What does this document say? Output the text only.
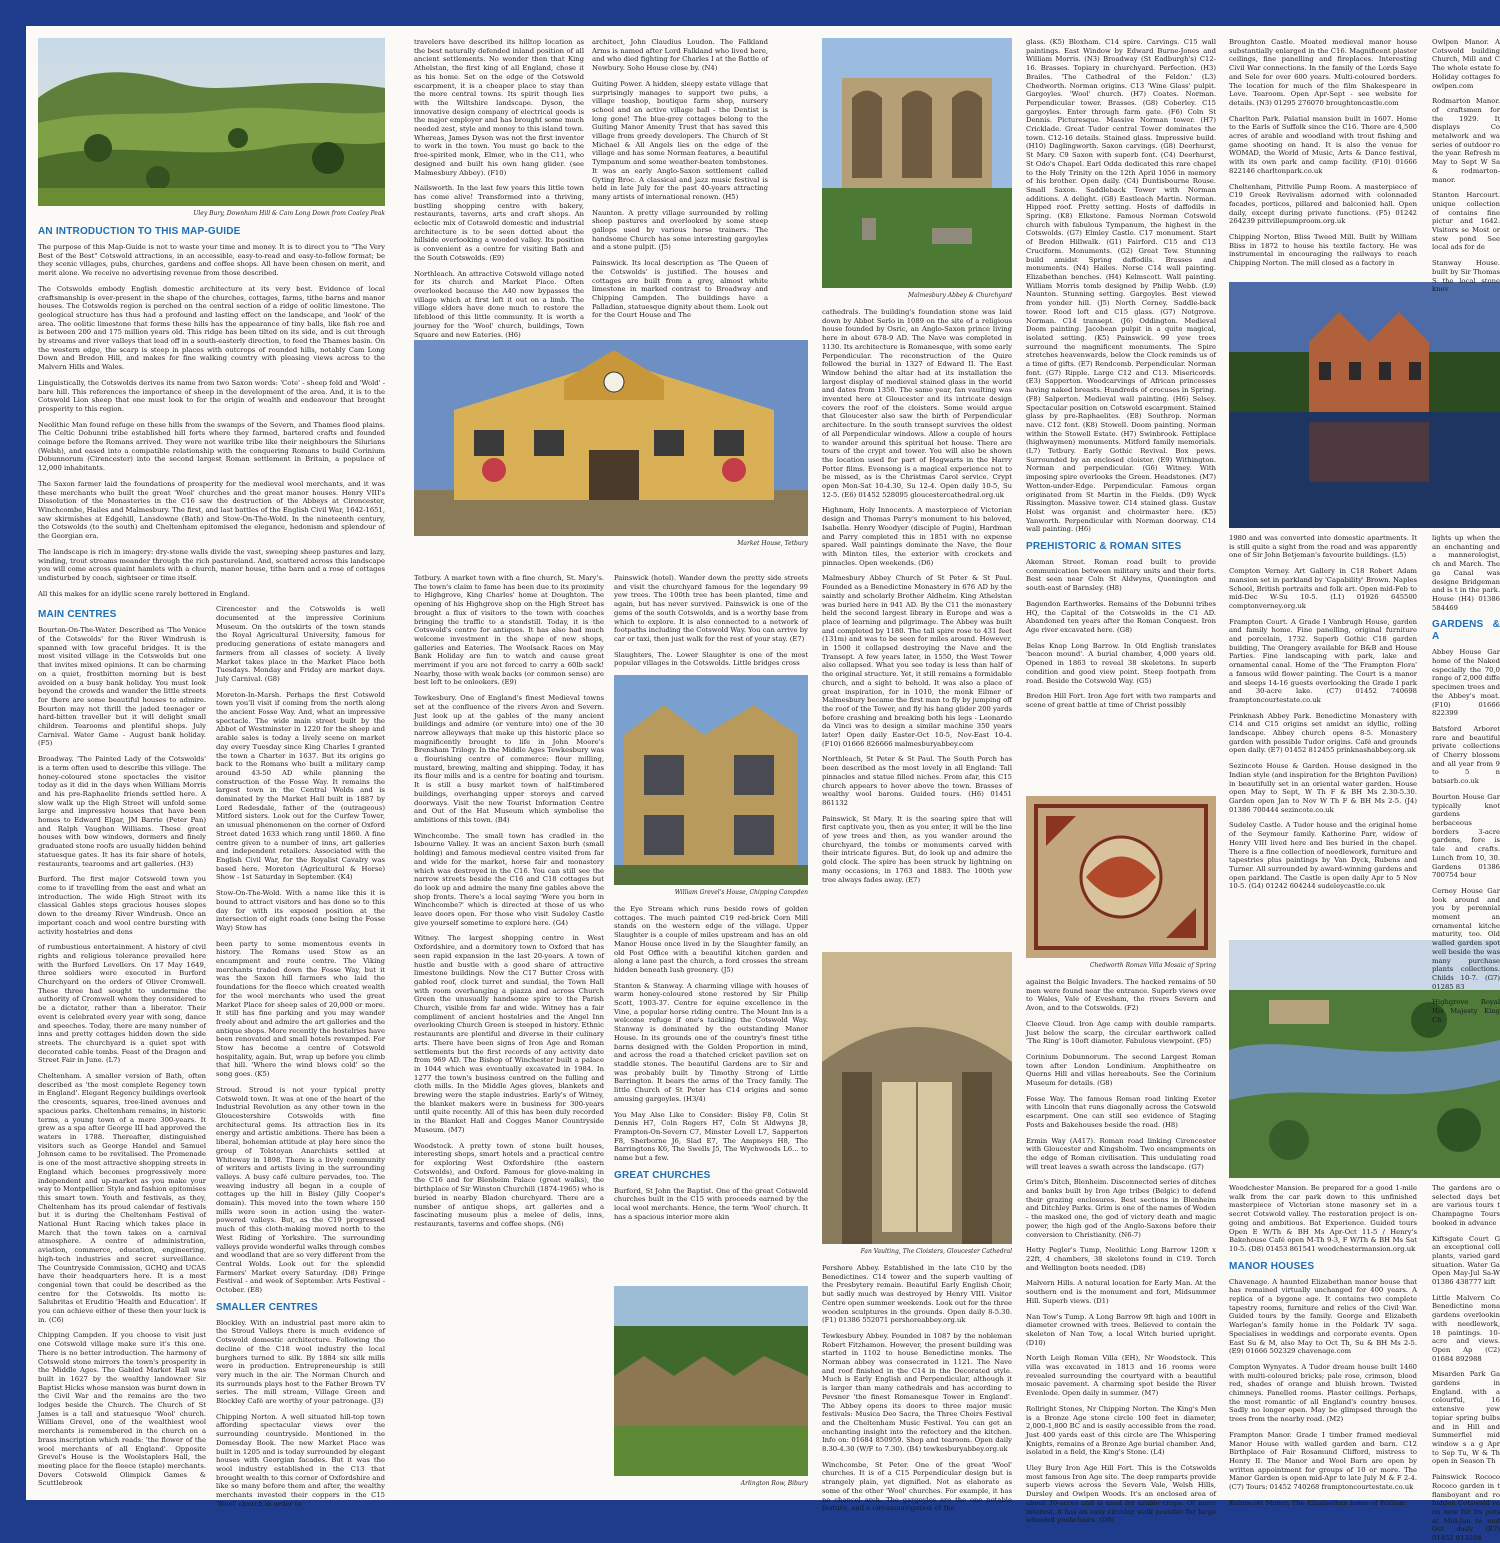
Uley Bury, Downham Hill & Cam Long Down from Coaley Peak
AN INTRODUCTION TO THIS MAP-GUIDE

The purpose of this Map-Guide is not to waste your time and money. It is to direct you to "The Very Best of the Best" Cotswold attractions, in an accessible, easy-to-read and easy-to-follow format; be they scenic villages, pubs, churches, gardens and coffee shops. All have been chosen on merit, and merit alone. We receive no advertising revenue from those described.

The Cotswolds embody English domestic architecture at its very best. Evidence of local craftsmanship is ever-present in the shape of the churches, cottages, farms, tithe barns and manor houses. The Cotswolds region is perched on the central section of a ridge of oolitic limestone. The geological structure has thus had a profound and lasting effect on the landscape, and 'look' of the area. The oolitic limestone that forms these hills has the appearance of tiny balls, like fish roe and is between 200 and 175 million years old. This ridge has been tilted on its side, and is cut through by streams and river valleys that lead off in a south-easterly direction, to feed the Thames basin. On the western edge, the scarp is steep in places with outcrops of rounded hills, notably Cam Long Down and Bredon Hill, and makes for fine walking country with pleasing views across to the Malvern Hills and Wales.

Linguistically, the Cotswolds derives its name from two Saxon words: 'Cote' - sheep fold and 'Wold' - bare hill. This references the importance of sheep in the development of the area. And, it is to the Cotswold Lion sheep that one must look to for the origin of wealth and endeavour that brought prosperity to this region.

Neolithic Man found refuge on these hills from the swamps of the Severn, and Thames flood plains. The Celtic Dobunni tribe established hill forts where they farmed, bartered crafts and founded coinage before the Romans arrived. They were not warlike tribe like their neighbours the Silurians (Welsh), and eased into a compatible relationship with the conquering Romans to build Corinium Dobunnorum (Cirencester) into the second largest Roman settlement in Britain, a populace of 12,000 inhabitants.

The Saxon farmer laid the foundations of prosperity for the medieval wool merchants, and it was these merchants who built the great 'Wool' churches and the great manor houses. Henry VIII's Dissolution of the Monasteries in the C16 saw the destruction of the Abbeys at Cirencester, Winchcombe, Hailes and Malmesbury. The first, and last battles of the English Civil War, 1642-1651, saw skirmishes at Edgehill, Lansdowne (Bath) and Stow-On-The-Wold. In the nineteenth century, the Cotswolds (to the south) and Cheltenham epitomised the elegance, hedonism and splendour of the Georgian era.

The landscape is rich in imagery: dry-stone walls divide the vast, sweeping sheep pastures and lazy, winding, trout streams meander through the rich pastureland. And, scattered across this landscape you will come across quaint hamlets with a church, manor house, tithe barn and a rose of cottages undisturbed by coach, sightseer or time itself.

All this makes for an idyllic scene rarely bettered in England.

MAIN CENTRES

Bourton-On-The-Water. Described as 'The Venice of the Cotswolds' for the River Windrush is spanned with low graceful bridges. It is the most visited village in the Cotswolds but one that invites mixed opinions. It can be charming on a quiet, frostbitten morning but is best avoided on a busy bank holiday. You must look beyond the crowds and wander the little streets for there are some beautiful houses to admire. Bourton may not thrill the jaded teenager or hard-bitten traveller but it will delight small children. Tearooms and plentiful shops. July Carnival. Water Game - August bank holiday. (F5)

Broadway. 'The Painted Lady of the Cotswolds' is a term often used to describe this village. The honey-coloured stone spectacles the visitor today as it did in the days when William Morris and his pre-Raphaelite friends settled here. A slow walk up the High Street will unfold some large and impressive houses that have been homes to Edward Elgar, JM Barrie (Peter Pan) and Ralph Vaughan Williams. These great houses with bow windows, dormers and finely graduated stone roofs are usually hidden behind statuesque gates. It has its fair share of hotels, restaurants, tearooms and art galleries. (H3)

Burford. The first major Cotswold town you come to if travelling from the east and what an introduction. The wide High Street with its classical Gables steps gracious houses slopes down to the dreamy River Windrush. Once an important coach and wool centre bursting with activity hostelries and dens

of rumbustious entertainment. A history of civil rights and religious tolerance prevailed here with the Burford Levellers. On 17 May 1649, three soldiers were executed in Burford Churchyard on the orders of Oliver Cromwell. These three had sought to undermine the authority of Cromwell whom they considered to be a dictator, rather than a liberator. Their event is celebrated every year with song, dance and speeches. Today, there are many number of inns and pretty cottages hidden down the side streets. The churchyard is a quiet spot with decorated cable tombs. Feast of the Dragon and Street Fair in June. (L7)

Cheltenham. A smaller version of Bath, often described as 'the most complete Regency town in England'. Elegant Regency buildings overlook the crescents, squares, tree-lined avenues and spacious parks. Cheltenham remains, in historic terms, a young town of a mere 300-years. It grew as a spa after George III had approved the waters in 1788. Thereafter, distinguished visitors such as George Handel and Samuel Johnson came to be revitalised. The Promenade is one of the most attractive shopping streets in England which becomes progressively more independent and up-market as you make your way to Montpellier. Style and fashion epitomises this smart town. Youth and festivals, as they, Cheltenham has its proud calendar of festivals but it is during the Cheltenham Festival of National Hunt Racing which takes place in March that the town takes on a carnival atmosphere. A centre of administration, aviation, commerce, education, engineering, high-tech industries and secret surveillance. The Countryside Commission, GCHQ and UCAS have their headquarters here. It is a most congenial town that could be described as the centre for the Cotswolds. Its motto is: Salubritas et Eruditio 'Health and Education'. If you can achieve either of these then your luck is in. (C6)

Chipping Campden. If you choose to visit just one Cotswold village make sure it's this one. There is no better introduction. The harmony of Cotswold stone mirrors the town's prosperity in the Middle Ages. The Gabled Market Hall was built in 1627 by the wealthy landowner Sir Baptist Hicks whose mansion was burnt down in the Civil War and the remains are the two lodges beside the Church. The Church of St James is a tall and statuesque 'Wool' church. William Grevel, one of the wealthiest wool merchants is remembered in the church on a brass inscription which reads: 'the flower of the wool merchants of all England'. Opposite Grevel's House is the Woolstaplers Hall, the meeting place for the fleece (staple) merchants. Dovers Cotswold Olimpick Games & Scuttlebrook

Cirencester and the Cotswolds is well documented at the impressive Corinium Museum. On the outskirts of the town stands the Royal Agricultural University, famous for producing generations of estate managers and farmers from all classes of society. A lively Market takes place in the Market Place both Tuesdays. Monday and Friday are market days. July Carnival. (G8)

Moreton-In-Marsh. Perhaps the first Cotswold town you'll visit if coming from the north along the ancient Fosse Way. And, what an impressive spectacle. The wide main street built by the Abbot of Westminster in 1220 for the sheep and arable sales is today a lively scene on market day every Tuesday since King Charles I granted the town a Charter in 1637. But its origins go back to the Romans who built a military camp around 43-50 AD while planning the construction of the Fosse Way. It remains the largest town in the Central Wolds and is dominated by the Market Hall built in 1887 by Lord Redesdale, father of the (outrageous) Mitford sisters. Look out for the Curfew Tower, an unusual phenomenon on the corner of Oxford Street dated 1633 which rang until 1860. A fine centre given to a number of inns, art galleries and independent retailers. Associated with the English Civil War, for the Royalist Cavalry was based here. Moreton (Agricultural & Horse) Show - 1st Saturday in September. (K4)

Stow-On-The-Wold. With a name like this it is bound to attract visitors and has done so to this day for with its exposed position at the intersection of eight roads (one being the Fosse Way) Stow has

been party to some momentous events in history. The Romans used Stow as an encampment and route centre. The Viking merchants traded down the Fosse Way, but it was the Saxon hill farmers who laid the foundations for the fleece which created wealth for the wool merchants who used the great Market Place for sheep sales of 20,000 or more. It still has fine parking and you may wander freely about and admire the art galleries and the antique shops. More recently the hostelries have been renovated and small hotels revamped. For Stow has become a centre of Cotswold hospitality, again. But, wrap up before you climb that hill. 'Where the wind blows cold' so the song goes. (K5)

Stroud. Stroud is not your typical pretty Cotswold town. It was at one of the heart of the Industrial Revolution as any other town in the Gloucestershire Cotswolds with fine architectural gems. Its attraction lies in its energy and artistic ambitions. There has been a liberal, bohemian attitude at play here since the group of Tolstoyan Anarchists settled at Whiteway in 1898. There is a lively community of writers and artists living in the surrounding valleys. A busy café culture pervades, too. The weaving industry all began in a couple of cottages up the hill in Bisley (Jilly Cooper's domain). This moved into the town where 150 mills were soon in action using the water-powered valleys. But, as the C19 progressed much of this cloth-making moved north to the West Riding of Yorkshire. The surrounding valleys provide wonderful walks through combes and woodland that are so very different from the Central Wolds. Look out for the splendid Farmers' Market every Saturday. (D8) Fringe Festival - and week of September. Arts Festival - October. (E8)

SMALLER CENTRES

Blockley. With an industrial past more akin to the Stroud Valleys there is much evidence of Cotswold domestic architecture. Following the decline of the C18 wool industry the local burghers turned to silk. By 1884 six silk mills were in production. Entrepreneurship is still very much in the air. The Norman Church and its surrounds plays host to the Father Brown TV series. The mill stream, Village Green and Blockley Café are worthy of your patronage. (J3)

Chipping Norton. A well situated hill-top town affording spectacular views over the surrounding countryside. Mentioned in the Domesday Book. The new Market Place was built in 1205 and is today surrounded by elegant houses with Georgian facades. But it was the wool industry established in the C13 that brought wealth to this corner of Oxfordshire and like so many before them and after, the wealthy merchants invested their coppers in the C15 'Wool' church in order to

travelers have described its hilltop location as the best naturally defended inland position of all ancient settlements. No wonder then that King Athelstan, the first king of all England, chose it as his home. Set on the edge of the Cotswold escarpment, it is a cheaper place to stay than the more central towns. Its spirit though lies with the Wiltshire landscape. Dyson, the innovative design company of electrical goods is the major employer and has brought some much needed zest, style and money to this island town. Whereas, James Dyson was not the first inventor to work in the town. You must go back to the free-spirited monk, Elmer, who in the C11, who designed and built his own hang glider. (see Malmesbury Abbey). (F10)

Nailsworth. In the last few years this little town has come alive! Transformed into a thriving, bustling shopping centre with bakery, restaurants, taverns, arts and craft shops. An eclectic mix of Cotswold domestic and industrial architecture is to be seen dotted about the hillside overlooking a wooded valley. Its position is convenient as a centre for visiting Bath and the South Cotswolds. (E9)

Northleach. An attractive Cotswold village noted for its church and Market Place. Often overlooked because the A40 now bypasses the village which at first left it out on a limb. The village elders have done much to restore the lifeblood of this little community. It is worth a journey for the 'Wool' church, buildings, Town Square and new Eateries. (H6)

architect, John Claudius Loudon. The Falkland Arms is named after Lord Falkland who lived here, and who died fighting for Charles I at the Battle of Newbury. Soho House close by. (N4)

Guiting Power. A hidden, sleepy estate village that surprisingly manages to support two pubs, a village teashop, boutique farm shop, nursery school and an active village hall - the Dentist is long gone! The blue-grey cottages belong to the Guiting Manor Amenity Trust that has saved this village from greedy developers. The Church of St Michael & All Angels lies on the edge of the village and has some Norman features, a beautiful Tympanum and some weather-beaten tombstones. It was an early Anglo-Saxon settlement called Gyting Broc. A classical and jazz music festival is held in late July for the past 40-years attracting many artists of international renown. (H5)

Naunton. A pretty village surrounded by rolling sheep pastures and overlooked by some steep gallops used by various horse trainers. The handsome Church has some interesting gargoyles and a stone pulpit. (J5)

Painswick. Its local description as 'The Queen of the Cotswolds' is justified. The houses and cottages are built from a grey, almost white limestone in marked contrast to Broadway and Chipping Campden. The buildings have a Palladian, statuesque dignity about them. Look out for the Court House and The

Market House, Tetbury

Tetbury. A market town with a fine church, St. Mary's. The town's claim to fame has been due to its proximity to Highgrove, King Charles' home at Doughton. The opening of his Highgrove shop on the High Street has brought a flux of visitors to the town with coaches bringing the traffic to a standstill. Today, it is the Cotswold's centre for antiques. It has also had much welcome investment in the shape of new shops, galleries and Eateries. The Woolsack Races on May Bank Holiday are fun to watch and cause great merriment if you are not forced to carry a 60lb sack! Nearby, those with weak backs (or common sense) are best left to be onlookers. (E9)

Tewkesbury. One of England's finest Medieval towns set at the confluence of the rivers Avon and Severn. Just look up at the gables of the many ancient buildings and admire (or venture into) one of the 30 narrow alleyways that make up this historic place so magnificently brought to life in John Moore's Brensham Trilogy. In the Middle Ages Tewkesbury was a flourishing centre of commerce: flour milling, mustard, brewing, malting and shipping. Today, it has its flour mills and is a centre for boating and tourism. It is still a busy market town of half-timbered buildings, overhanging upper storeys and carved doorways. Visit the new Tourist Information Centre and Out of the Hat Museum which symbolise the ambitions of this town. (B4)

Winchcombe. The small town has cradled in the Isbourne Valley. It was an ancient Saxon burh (small holding) and famous medieval centre visited from far and wide for the market, horse fair and monastery which was destroyed in the C16. You can still see the narrow streets beside the C16 and C18 cottages but do look up and admire the many fine gables above the shop fronts. There's a local saying 'Were you born in Winchcombe?' which is directed at those of us who leave doors open. For those who visit Sudeley Castle give yourself sometime to explore here. (G4)

Witney. The largest shopping centre in West Oxfordshire, and a dormitory town to Oxford that has seen rapid expansion in the last 20-years. A town of hustle and bustle with a good share of attractive limestone buildings. Now the C17 Butter Cross with gabled roof, clock turret and sundial, the Town Hall with room overhanging a piazza and across Church Green the unusually handsome spire to the Parish Church, visible from far and wide. Witney has a fair compliment of ancient hostelries and the Angel Inn overlooking Church Green is steeped in history. Ethnic restaurants are plentiful and diverse in their culinary arts. There have been signs of Iron Age and Roman settlements but the first records of any activity date from 969 AD. The Bishop of Winchester built a palace in 1044 which was eventually excavated in 1984. In 1277 the town's business centred on the fulling and cloth mills. In the Middle Ages gloves, blankets and brewing were the staple industries. Early's of Witney, the blanket makers were in business for 300-years until quite recently. All of this has been duly recorded in the Blanket Hall and Cogges Manor Countryside Museum. (M7)

Woodstock. A pretty town of stone built houses, interesting shops, smart hotels and a practical centre for exploring West Oxfordshire (the eastern Cotswolds), and Oxford. Famous for glove-making in the C16 and for Blenheim Palace (great walks), the birthplace of Sir Winston Churchill (1874-1965) who is buried in nearby Bladon churchyard. There are a number of antique shops, art galleries and a fascinating museum plus a melee of delis, inns, restaurants, taverns and coffee shops. (N6)

Painswick (hotel). Wander down the pretty side streets and visit the churchyard famous for the legendary 99 yew trees. The 100th tree has been planted, time and again, but has never survived. Painswick is one of the gems of the south Cotswolds, and is a worthy base from which to explore. It is also connected to a network of footpaths including the Cotswold Way. You can arrive by car or taxi, then just walk for the rest of your stay. (E7)

Slaughters, The. Lower Slaughter is one of the most popular villages in the Cotswolds. Little bridges cross

William Grevel's House, Chipping Campden

the Eye Stream which runs beside rows of golden cottages. The much painted C19 red-brick Corn Mill stands on the western edge of the village. Upper Slaughter is a couple of miles upstream and has an old Manor House once lived in by the Slaughter family, an old Post Office with a beautiful kitchen garden and along a lane past the church, a ford crosses the stream hidden beneath lush greenery. (J5)

Stanton & Stanway. A charming village with houses of warm honey-coloured stone restored by Sir Philip Scott, 1903-37. Centre for equine excellence in the Vine, a popular horse riding centre. The Mount Inn is a welcome refuge if one's tackling the Cotswold Way. Stanway is dominated by the outstanding Manor House. In its grounds one of the country's finest tithe barns designed with the Golden Proportion in mind, and across the road a thatched cricket pavilion set on staddle stones. The beautiful Gardens are to Sir and was probably built by Timothy Strong of Little Barrington. It bears the arms of the Tracy family. The little Church of St Peter has C14 origins and some amusing gargoyles. (H3/4)

You May Also Like to Consider: Bisley F8, Colin St Dennis H7, Coln Rogers H7, Coln St Aldwyns J8, Frampton-On-Severn C7, Minster Lovell L7, Sapperton F8, Sherborne J6, Slad E7, The Ampneys H8, The Barringtons K6, The Swells J5, The Wychwoods L6... to name but a few.

GREAT CHURCHES

Burford, St John the Baptist. One of the great Cotswold churches built in the C15 with proceeds earned by the local wool merchants. Hence, the term 'Wool' church. It has a spacious interior more akin

Arlington Row, Bibury
Malmesbury Abbey & Churchyard

cathedrals. The building's foundation stone was laid down by Abbot Serlo in 1089 on the site of a religious house founded by Osric, an Anglo-Saxon prince living here in about 678-9 AD. The Nave was completed in 1130. Its architecture is Romanesque, with some early Perpendicular. The reconstruction of the Quire followed the burial in 1327 of Edward II. The East Window behind the altar had at its installation the largest display of medieval stained glass in the world and dates from 1350. The same year, fan vaulting was invented here at Gloucester and its intricate design covers the roof of the cloisters. Some would argue that Gloucester also saw the birth of Perpendicular architecture. In the south transept survives the oldest of all Perpendicular windows. Allow a couple of hours to wander around this spiritual hot house. There are tours of the crypt and tower. You will also be shown the location used for part of Hogwarts in the Harry Potter films. Evensong is a magical experience not to be missed, as is the Christmas Carol service. Crypt open Mon-Sat 10-4.30, Su 12-4. Open daily 10-5, Su 12-5. (E6) 01452 528095 gloucestercathedral.org.uk

Highnam, Holy Innocents. A masterpiece of Victorian design and Thomas Parry's monument to his beloved, Isabella. Henry Woodyer (disciple of Pugin), Hardman and Parry completed this in 1851 with no expense spared. Wall paintings dominate the Nave, the flour with Minton tiles, the exterior with crockets and pinnacles. Open weekends. (D6)

Malmesbury Abbey Church of St Peter & St Paul. Founded as a Benedictine Monastery in 676 AD by the saintly and scholarly Brother Aldhelm. King Athelstan was buried here in 941 AD. By the C11 the monastery held the second largest library in Europe and was a place of learning and pilgrimage. The Abbey was built and completed by 1180. The tall spire rose to 431 feet (131m) and was to be seen for miles around. However, in 1500 it collapsed destroying the Nave and the Transept. A few years later, in 1550, the West Tower also collapsed. What you see today is less than half of the original structure. Yet, it still remains a formidable church, and a sight to behold. It was also a place of great inspiration, for in 1010, the monk Eilmer of Malmesbury became the first man to fly by jumping off the roof of the Tower, and fly his hang glider 200 yards before crashing and breaking both his legs - Leonardo da Vinci was to design a similar machine 350 years later! Open daily Easter-Oct 10-5, Nov-East 10-4. (F10) 01666 826666 malmesburyabbey.com

Northleach, St Peter & St Paul. The South Porch has been described as the most lovely in all England: Tall pinnacles and statue filled niches. From afar, this C15 church appears to hover above the town. Brasses of wealthy wool barons. Guided tours. (H6) 01451 861132

Painswick, St Mary. It is the soaring spire that will first captivate you, then as you enter, it will be the line of yew trees and then, as you wander around the churchyard, the tombs or monuments carved with their intricate figures. But, do look up and admire the gold clock. The spire has been struck by lightning on many occasions, in 1763 and 1883. The 100th yew tree always fades away. (E7)

Fan Vaulting, The Cloisters, Gloucester Cathedral

Pershore Abbey. Established in the late C10 by the Benedictines. C14 tower and the superb vaulting of the Presbytery remain. Beautiful Early English Choir, but sadly much was destroyed by Henry VIII. Visitor Centre open summer weekends. Look out for the three wooden sculptures in the grounds. Open daily 8-5.30. (F1) 01386 552071 pershoreabbey.org.uk

Tewkesbury Abbey. Founded in 1087 by the nobleman Robert Fitzhamon. However, the present building was started in 1102 to house Benedictine monks. The Norman abbey was consecrated in 1121. The Nave and roof finished in the C14 in the Decorated style. Much is Early English and Perpendicular, although it is larger than many cathedrals and has according to Pevsner 'the finest Romanesque Tower in England'. The Abbey opens its doors to three major music festivals: Musica Deo Sacra, the Three Choirs Festival and the Cheltenham Music Festival. You can get an enchanting insight into the refectory and the kitchen. Info on: 01684 850959. Shop and tearoom. Open daily 8.30-4.30 (W/F to 7.30). (B4) tewkesburyabbey.org.uk

Winchcombe, St Peter. One of the great 'Wool' churches. It is of a C15 Perpendicular design but is strangely plain, yet dignified. Not as elaborate as some of the other 'Wool' churches. For example, it has no chancel arch. The gargoyles are the one notable feature, and a circumnavigation of the

glass. (K5) Bloxham. C14 spire. Carvings. C15 wall paintings. East Window by Edward Burne-Jones and William Morris. (N3) Broadway (St Eadburgh's) C12-16. Brasses. Topiary in churchyard. Perfection. (H3) Brailes. 'The Cathedral of the Feldon.' (L3) Chedworth. Norman origins. C13 'Wine Glass' pulpit. Gargoyles. 'Wool' church. (H7) Coates. Norman. Perpendicular tower. Brasses. (G8) Coberley. C15 gargoyles. Enter through farm gate. (F6) Coln St Dennis. Picturesque. Massive Norman tower. (H7) Cricklade. Great Tudor central Tower dominates the town. C12-16 details. Stained glass. Impressive build. (H10) Daglingworth. Saxon carvings. (G8) Deerhurst, St Mary. C9 Saxon with superb font. (C4) Deerhurst, St Odo's Chapel. Earl Odda dedicated this rare chapel to the Holy Trinity on the 12th April 1056 in memory of his brother. Open daily. (C4) Duntisbourne Rouse. Small Saxon. Saddleback Tower with Norman additions. A delight. (G8) Eastleach Martin. Norman. Hipped roof. Pretty setting. Hosts of daffodils in Spring. (K8) Elkstone. Famous Norman Cotswold church with fabulous Tympanum, the highest in the Cotswolds. (G7) Elmley Castle. C17 monument. Start of Bredon Hillwalk. (G1) Fairford. C15 and C13 Cruciform. Monuments. (G2) Great Tew. Stunning build amidst Spring daffodils. Brasses and monuments. (N4) Hailes. Norse C14 wall painting. Elizabethan benches. (H4) Kelmscott. Wall painting. William Morris tomb designed by Philip Webb. (L9) Naunton. Stunning setting. Gargoyles. Best viewed from yonder hill. (J5) North Cerney. Saddle-back tower. Rood loft and C15 glass. (G7) Notgrove. Norman. C14 transept. (J6) Oddington. Medieval Doom painting. Jacobean pulpit in a quite magical, isolated setting. (K5) Painswick. 99 yew trees surround the magnificent monuments. The Spire stretches heavenwards, below the Clock reminds us of a time of gifts. (E7) Rendcomb. Perpendicular. Norman font. (G7) Ripple. Large C12 and C13. Misericords. (E3) Sapperton. Woodcarvings of African princesses having naked breasts. Hundreds of crocuses in Spring. (F8) Salperton. Medieval wall painting. (H6) Selsey. Spectacular position on Cotswold escarpment. Stained glass by pre-Raphaelites. (E8) Southrop. Norman nave. C12 font. (K8) Stowell. Doom painting. Norman within the Stowell Estate. (H7) Swinbrook. Fettiplace (highwaymen) monuments. Mitford family memorials. (L7) Tetbury. Early Gothic Revival. Box pews. Surrounded by an enclosed cloister. (E9) Withington. Norman and perpendicular. (G6) Witney. With imposing spire overlooks the Green. Headstones. (M7) Wotton-under-Edge. Perpendicular. Famous organ originated from St Martin in the Fields. (D9) Wyck Rissington. Massive tower. C14 stained glass. Gustav Holst was organist and choirmaster here. (K5) Yanworth. Perpendicular with Norman doorway. C14 wall painting. (H6)

PREHISTORIC & ROMAN SITES

Akeman Street. Roman road built to provide communication between military units and their forts. Best seen near Coln St Aldwyns, Quenington and south-east of Barnsley. (H8)

Bagendon Earthworks. Remains of the Dobunni tribes HQ, the Capital of the Cotswolds in the C1 AD. Abandoned ten years after the Roman Conquest. Iron Age river excavated here. (G8)

Belas Knap Long Barrow. In Old English translates 'beacon mound'. A burial chamber, 4,000 years old. Opened in 1863 to reveal 38 skeletons. In superb condition and good view point. Steep footpath from road. Beside the Cotswold Way. (G5)

Bredon Hill Fort. Iron Age fort with two ramparts and scene of great battle at time of Christ possibly

Chedworth Roman Villa Mosaic of Spring

against the Belgic Invaders. The hacked remains of 50 men were found near the entrance. Superb views over to Wales, Vale of Evesham, the rivers Severn and Avon, and to the Cotswolds. (F2)

Cleeve Cloud. Iron Age camp with double ramparts. Just below the scarp, the circular earthwork called 'The Ring' is 10oft diameter. Fabulous viewpoint. (F5)

Corinium Dobunnorum. The second Largest Roman town after London Londinium. Amphitheatre on Querns Hill and villas hereabouts. See the Corinium Museum for details. (G8)

Fosse Way. The famous Roman road linking Exeter with Lincoln that runs diagonally across the Cotswold escarpment. One can still see evidence of Staging Posts and Bakehouses beside the road. (H8)

Ermin Way (A417). Roman road linking Cirencester with Gloucester and Kingsholm. Two encampments on the edge of Roman civilisation. This undulating road will treat leaves a swath across the landscape. (G7)

Grim's Ditch, Blenheim. Disconnected series of ditches and banks built by Iron Age tribes (Belgic) to defend their grazing enclosures. Best sections in Blenheim and Ditchley Parks. Grim is one of the names of Woden - the masked one, the god of victory death and magic power, the high god of the Anglo-Saxons before their conversion to Christianity. (N6-7)

Hetty Pegler's Tump, Neolithic Long Barrow 120ft x 22ft, 4 chambers, 38 skeletons found in C19. Torch and Wellington boots needed. (D8)

Malvern Hills. A natural location for Early Man. At the southern end is the monument and fort, Midsummer Hill. Superb views. (D1)

Nan Tow's Tump. A Long Barrow 9ft high and 100ft in diameter crowned with trees. Believed to contain the skeleton of Nan Tow, a local Witch buried upright. (D10)

North Leigh Roman Villa (EH), Nr Woodstock. This villa was excavated in 1813 and 16 rooms were revealed surrounding the courtyard with a beautiful mosaic pavement. A charming spot beside the River Evenlode. Open daily in summer. (M7)

Rollright Stones, Nr Chipping Norton. The King's Men is a Bronze Age stone circle 100 feet in diameter, 2,000-1,800 BC and is easily accessible from the road. Just 400 yards east of this circle are The Whispering Knights, remains of a Bronze Age burial chamber. And, isolated in a field, the King's Stone. (L4)

Uley Bury Iron Age Hill Fort. This is the Cotswolds most famous Iron Age site. The deep ramparts provide superb views across the Severn Vale, Welsh Hills, Dursley and Owlpen Woods. It's an enclosed area of about 30-acres and is used for arable crops. Of more interest, it has an easy circular walk possible for large wheeled pushchairs. (D9)

Broughton Castle. Moated medieval manor house substantially enlarged in the C16. Magnificent plaster ceilings, fine panelling and fireplaces. Interesting Civil War connections. In the family of the Lords Saye and Sele for over 600 years. Multi-coloured borders. The location for much of the film Shakespeare in Love. Tearoom. Open Apr-Sept - see website for details. (N3) 01295 276070 broughtoncastle.com

Charlton Park. Palatial mansion built in 1607. Home to the Earls of Suffolk since the C16. There are 4,500 acres of arable and woodland with trout fishing and game shooting on hand. It is also the venue for WOMAD, the World of Music, Arts & Dance festival, with its own park and camp facility. (F10) 01666 822146 charltonpark.co.uk

Cheltenham, Pittville Pump Room. A masterpiece of C19 Greek Revivalism adorned with colonnaded facades, porticos, pillared and balconied hall. Open daily, except during private functions. (F5) 01242 264239 pittvillepumproom.org.uk

Chipping Norton, Bliss Tweed Mill. Built by William Bliss in 1872 to house his textile factory. He was instrumental in encouraging the railways to reach Chipping Norton. The mill closed as a factory in

1980 and was converted into domestic apartments. It is still quite a sight from the road and was apparently one of Sir John Betjeman's favourite buildings. (L5)

Compton Verney. Art Gallery in C18 Robert Adam mansion set in parkland by 'Capability' Brown. Naples School, British portraits and folk art. Open mid-Feb to mid-Dec W-Su 10-5. (L1) 01926 645500 comptonverney.org.uk

Frampton Court. A Grade I Vanbrugh House, garden and family home. Fine panelling, original furniture and porcelain, 1732. Superb Gothic C18 garden building, The Orangery available for B&B and House Parties. Fine landscaping with park, lake and ornamental canal. Home of the 'The Frampton Flora' a famous wild flower painting. The Court is a manor and sleeps 14-16 guests overlooking the Grade I park and 30-acre lake. (C7) 01452 740698 framptoncourtestate.co.uk

Prinknash Abbey Park. Benedictine Monastery with C14 and C15 origins set amidst an idyllic, rolling landscape. Abbey church opens 8-5. Monastery garden with possible Tudor origins. Café and grounds open daily. (E7) 01452 812455 prinknashabbey.org.uk

Sezincote House & Garden. House designed in the Indian style (and inspiration for the Brighton Pavilion) in beautifully set in an oriental water garden. House open May to Sept, W Th F & BH Ms 2.30-5.30. Garden open Jan to Nov W Th F & BH Ms 2-5. (J4) 01386 700444 sezincote.co.uk

Sudeley Castle. A Tudor house and the original home of the Seymour family. Katherine Parr, widow of Henry VIII lived here and lies buried in the chapel. There is a fine collection of needlework, furniture and tapestries plus paintings by Van Dyck, Rubens and Turner. All surrounded by award-winning gardens and open parkland. The Castle is open daily Apr to 5 Nov 10-5. (G4) 01242 604244 sudeleycastle.co.uk

Woodchester Mansion. Be prepared for a good 1-mile walk from the car park down to this unfinished masterpiece of Victorian stone masonry set in a secret Cotswold valley. The restoration project is on-going and ambitious. Bat Experience. Guided tours Open E W/Th & BH Ms Apr-Oct 11-5 / Henry's Bakehouse Café open M-Th 9-3, F W/Th & BH Ms Sat 10-5. (D8) 01453 861541 woodchestermansion.org.uk

MANOR HOUSES

Chavenage. A haunted Elizabethan manor house that has remained virtually unchanged for 400 years. A replica of a bygone age. It contains two complete tapestry rooms, furniture and relics of the Civil War. Guided tours by the family. George and Elizabeth Warlegan's family home in the Poldark TV saga. Specialises in weddings and corporate events. Open East Su & M, also May to Oct Th, Su & BH Ms 2-5. (E9) 01666 502329 chavenage.com

Compton Wynyates. A Tudor dream house built 1460 with multi-coloured bricks; pale rose, crimson, blood red, shades of orange and bluish brown. Twisted chimneys. Panelled rooms. Plaster ceilings. Perhaps, the most romantic of all England's country houses. Sadly no longer open. May be glimpsed through the trees from the nearby road. (M2)

Frampton Manor. Grade I timber framed medieval Manor House with walled garden and barn. C12 Birthplace of Fair Rosamund Clifford, mistress to Henry II. The Manor and Wool Barn are open by written appointment for groups of 10 or more. The Manor Garden is open mid-Apr to late July M & F 2-4. (C7) Tours: 01452 740268 framptoncourtestate.co.uk

Kelmscott Manor. The Elizabethan home of William

Owlpen Manor. A Cotswold building Church, Mill and C The whole estate fo Holiday cottages fo owlpen.com

Rodmarton Manor. of craftsmen for the 1929. It displays Co metalwork and wa series of outdoor ro the year. Refresh m May to Sept W Sa & rodmarton-manor.

Stanton Harcourt. unique collection of contains fine pictur and 1642. Visitors se Most or stew pond See local ads for de

Stanway House. built by Sir Thomas S the local stone knov

lights up when the an enchanting and a mannerologist, ch and March. The ga Canal was designe Bridgeman and is t in the park. House (H4) 01386 584469

GARDENS & A

Abbey House Gar home of the Naked especially the 70,0 range of 2,000 diffe specimen trees and the Abbey's moat. (F10) 01666 822399

Batsford Arboret rare and beautiful private collections of Cherry blossom and all year from 9 to 5 n batsarb.co.uk

Bourton House Gar typically knot gardens herbaceous borders 3-acre gardens, fore is tale and crafts. Lunch from 10, 30. Gardens 01386 700754 bour

Cerney House Gar look around and you by perennial moment an ornamental kitche maturity, too. Old walled garden spot well beside the was many purchase plants collections. Childs 10-7. (G7) 01285 83

Highgrove Royal His Majesty King Ch

The gardens are o selected days bet are various tours t Champagne Tours booked in advance

Kiftsgate Court G an exceptional coll plants, varied gard situation. Water Ga Open May-Jul Sa-W 01386 438777 kift

Little Malvern Co Benedictine mona gardens overlookin with needlework, 18 paintings. 10-acre and views. Open Ap (C2) 01684 892988

Misarden Park Ga gardens in England. with a colourful, 16 extensive yew topiar spring bulbs and in Hill and Summerfiel mid window s a g Apr to Sep Tu, W & Th open in Season Th

Painswick Rococo Rococo garden in t flamboyant and ro hidden Cotswold va on new for its pots at Mid-Jan to end Oct daily (E7) 01452 813204
